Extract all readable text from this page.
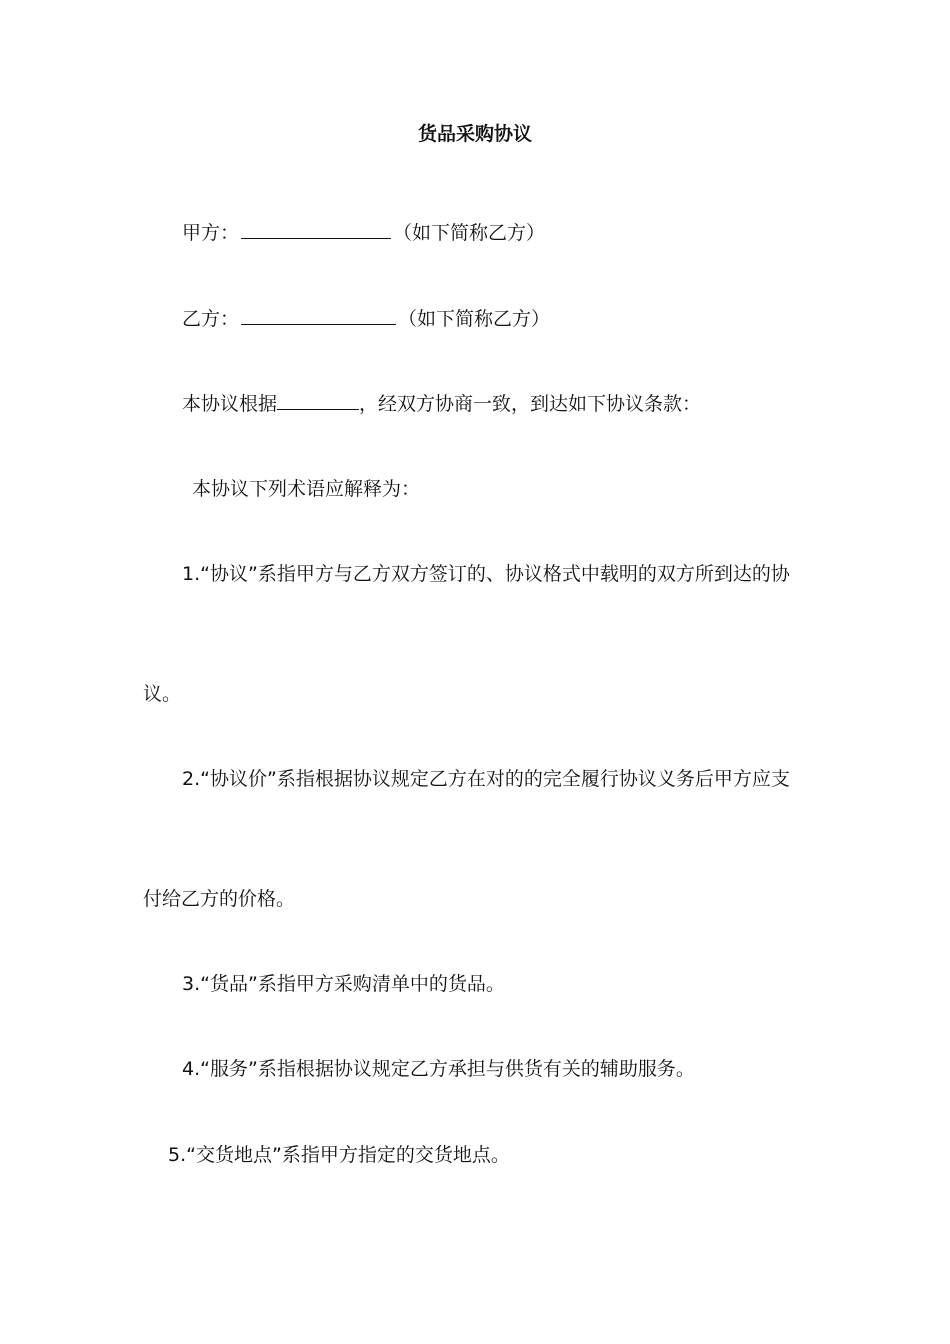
货品采购协议
甲方：	（如下简称乙方）
乙方：	（如下简称乙方）
本协议根据	，经双方协商一致，到达如下协议条款：
本协议下列术语应解释为：
1.“协议”系指甲方与乙方双方签订的、协议格式中载明的双方所到达的协
议。
2.“协议价”系指根据协议规定乙方在对的的完全履行协议义务后甲方应支
付给乙方的价格。
3.“货品”系指甲方采购清单中的货品。
4.“服务”系指根据协议规定乙方承担与供货有关的辅助服务。
5.“交货地点”系指甲方指定的交货地点。
